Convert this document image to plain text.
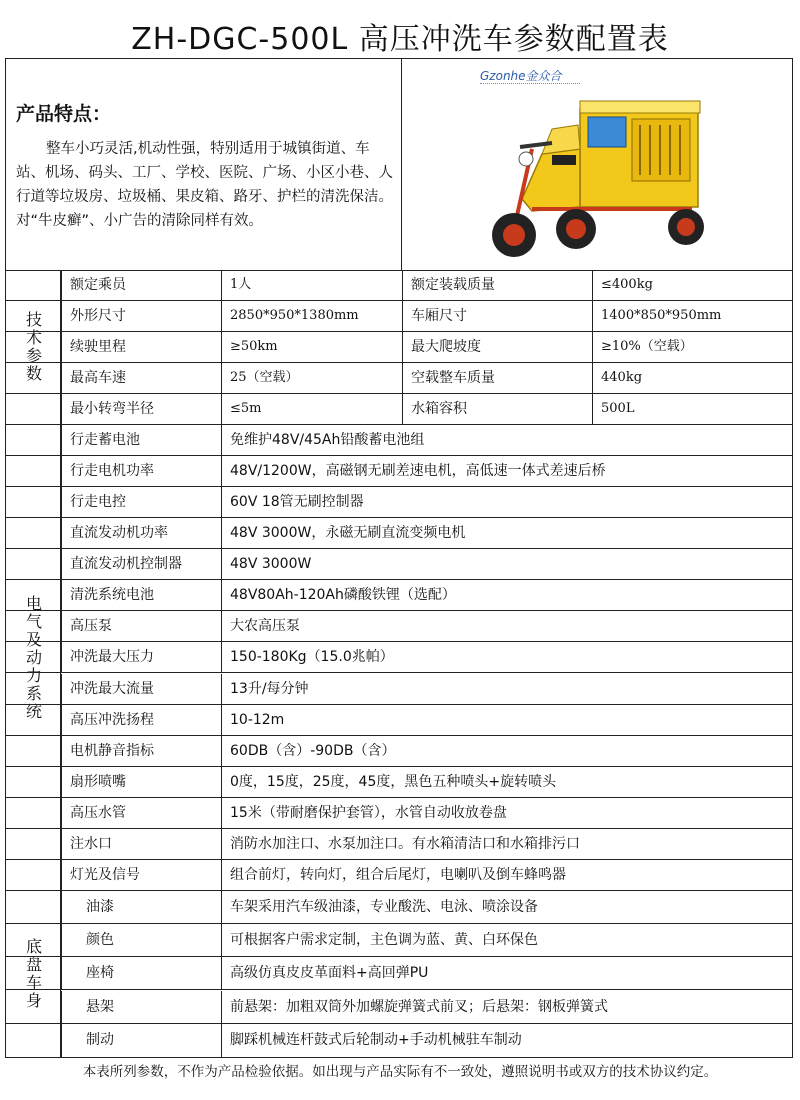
ZH-DGC-500L 高压冲洗车参数配置表
产品特点：

整车小巧灵活,机动性强，特别适用于城镇街道、车站、机场、码头、工厂、学校、医院、广场、小区小巷、人行道等垃圾房、垃圾桶、果皮箱、路牙、护栏的清洗保洁。对“牛皮癣”、小广告的清除同样有效。

Gzonhe金众合
技术参数
电气及动力系统
底盘车身
额定乘员	1人	额定装载质量	≤400kg
外形尺寸	2850*950*1380mm	车厢尺寸	1400*850*950mm
续驶里程	≥50km	最大爬坡度	≥10%（空载）
最高车速	25（空载）	空载整车质量	440kg
最小转弯半径	≤5m	水箱容积	500L
行走蓄电池	免维护48V/45Ah铅酸蓄电池组
行走电机功率	48V/1200W，高磁钢无刷差速电机，高低速一体式差速后桥
行走电控	60V 18管无刷控制器
直流发动机功率	48V 3000W，永磁无刷直流变频电机
直流发动机控制器	48V 3000W
清洗系统电池	48V80Ah-120Ah磷酸铁锂（选配）
高压泵	大农高压泵
冲洗最大压力	150-180Kg（15.0兆帕）
冲洗最大流量	13升/每分钟
高压冲洗扬程	10-12m
电机静音指标	60DB（含）-90DB（含）
扇形喷嘴	0度，15度，25度，45度，黑色五种喷头+旋转喷头
高压水管	15米（带耐磨保护套管），水管自动收放卷盘
注水口	消防水加注口、水泵加注口。有水箱清洁口和水箱排污口
灯光及信号	组合前灯，转向灯，组合后尾灯，电喇叭及倒车蜂鸣器
油漆	车架采用汽车级油漆，专业酸洗、电泳、喷涂设备
颜色	可根据客户需求定制，主色调为蓝、黄、白环保色
座椅	高级仿真皮皮革面料+高回弹PU
悬架	前悬架：加粗双筒外加螺旋弹簧式前叉；后悬架：钢板弹簧式
制动	脚踩机械连杆鼓式后轮制动+手动机械驻车制动
本表所列参数，不作为产品检验依据。如出现与产品实际有不一致处，遵照说明书或双方的技术协议约定。
